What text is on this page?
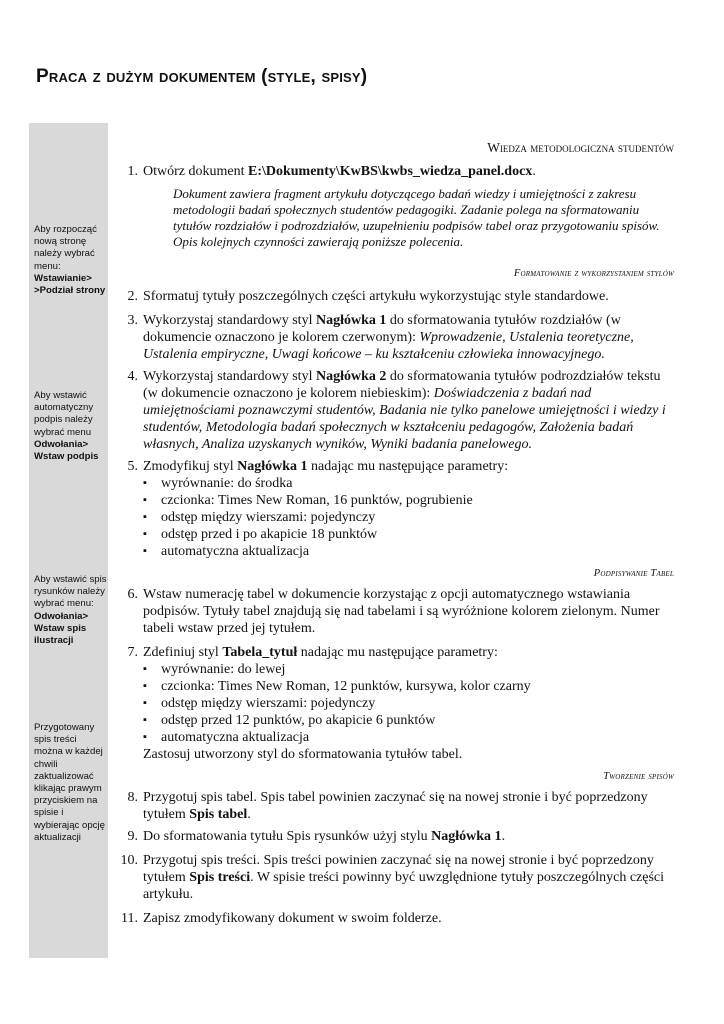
Praca z dużym dokumentem (style, spisy)
Aby rozpocząć nową stronę należy wybrać menu: Wstawianie> >Podział strony
Aby wstawić automatyczny podpis należy wybrać menu Odwołania> Wstaw podpis
Aby wstawić spis rysunków należy wybrać menu: Odwołania> Wstaw spis ilustracji
Przygotowany spis treści można w każdej chwili zaktualizować klikając prawym przyciskiem na spisie i wybierając opcję aktualizacji
Wiedza metodologiczna studentów
1. Otwórz dokument E:\Dokumenty\KwBS\kwbs_wiedza_panel.docx.
Dokument zawiera fragment artykułu dotyczącego badań wiedzy i umiejętności z zakresu metodologii badań społecznych studentów pedagogiki. Zadanie polega na sformatowaniu tytułów rozdziałów i podrozdziałów, uzupełnieniu podpisów tabel oraz przygotowaniu spisów. Opis kolejnych czynności zawierają poniższe polecenia.
Formatowanie z wykorzystaniem stylów
2. Sformatuj tytuły poszczególnych części artykułu wykorzystując style standardowe.
3. Wykorzystaj standardowy styl Nagłówka 1 do sformatowania tytułów rozdziałów (w dokumencie oznaczono je kolorem czerwonym): Wprowadzenie, Ustalenia teoretyczne, Ustalenia empiryczne, Uwagi końcowe – ku kształceniu człowieka innowacyjnego.
4. Wykorzystaj standardowy styl Nagłówka 2 do sformatowania tytułów podrozdziałów tekstu (w dokumencie oznaczono je kolorem niebieskim): Doświadczenia z badań nad umiejętnościami poznawczymi studentów, Badania nie tylko panelowe umiejętności i wiedzy i studentów, Metodologia badań społecznych w kształceniu pedagogów, Założenia badań własnych, Analiza uzyskanych wyników, Wyniki badania panelowego.
5. Zmodyfikuj styl Nagłówka 1 nadając mu następujące parametry:
▪ wyrównanie: do środka
▪ czcionka: Times New Roman, 16 punktów, pogrubienie
▪ odstęp między wierszami: pojedynczy
▪ odstęp przed i po akapicie 18 punktów
▪ automatyczna aktualizacja
Podpisywanie Tabel
6. Wstaw numerację tabel w dokumencie korzystając z opcji automatycznego wstawiania podpisów. Tytuły tabel znajdują się nad tabelami i są wyróżnione kolorem zielonym. Numer tabeli wstaw przed jej tytułem.
7. Zdefiniuj styl Tabela_tytuł nadając mu następujące parametry:
▪ wyrównanie: do lewej
▪ czcionka: Times New Roman, 12 punktów, kursywa, kolor czarny
▪ odstęp między wierszami: pojedynczy
▪ odstęp przed 12 punktów, po akapicie 6 punktów
▪ automatyczna aktualizacja
Zastosuj utworzony styl do sformatowania tytułów tabel.
Tworzenie spisów
8. Przygotuj spis tabel. Spis tabel powinien zaczynać się na nowej stronie i być poprzedzony tytułem Spis tabel.
9. Do sformatowania tytułu Spis rysunków użyj stylu Nagłówka 1.
10. Przygotuj spis treści. Spis treści powinien zaczynać się na nowej stronie i być poprzedzony tytułem Spis treści. W spisie treści powinny być uwzględnione tytuły poszczególnych części artykułu.
11. Zapisz zmodyfikowany dokument w swoim folderze.
